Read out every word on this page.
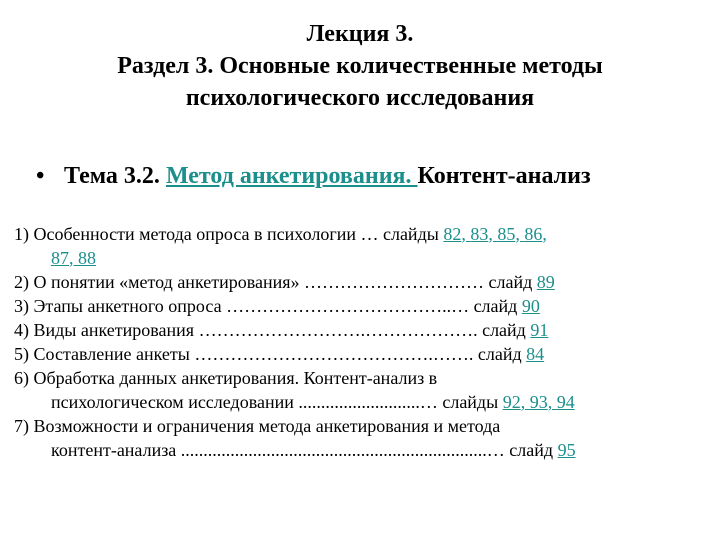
Лекция 3.
Раздел 3. Основные количественные методы
психологического исследования
• Тема 3.2. Метод анкетирования. Контент-анализ
1) Особенности метода опроса в психологии … слайды 82, 83, 85, 86,
87, 88
2) О понятии «метод анкетирования» ………………………… слайд 89
3) Этапы анкетного опроса ………………………………..… слайд 90
4) Виды анкетирования ……………………….………………. слайд 91
5) Составление анкеты ………………………………….……. слайд 84
6) Обработка данных анкетирования. Контент-анализ в
психологическом исследовании ...........................… слайды 92, 93, 94
7) Возможности и ограничения метода анкетирования и метода
контент-анализа ....................................................................… слайд 95
